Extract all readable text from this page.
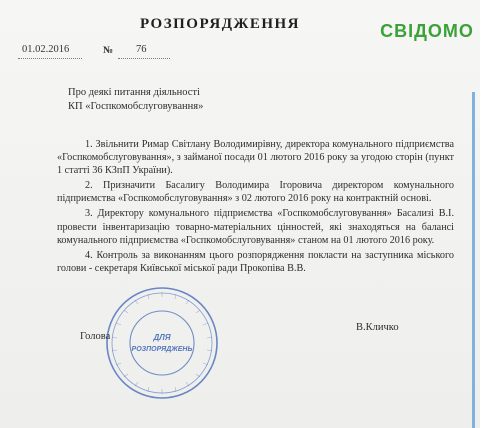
РОЗПОРЯДЖЕННЯ
01.02.2016	№ 76
Про деякі питання діяльності
КП «Госпкомобслуговування»

1. Звільнити Римар Світлану Володимирівну, директора комунального підприємства «Госпкомобслуговування», з займаної посади 01 лютого 2016 року за угодою сторін (пункт 1 статті 36 КЗпП України).

2. Призначити Басалигу Володимира Ігоровича директором комунального підприємства «Госпкомобслуговування» з 02 лютого 2016 року на контрактній основі.

3. Директору комунального підприємства «Госпкомобслуговування» Басализі В.І. провести інвентаризацію товарно-матеріальних цінностей, які знаходяться на балансі комунального підприємства «Госпкомобслуговування» станом на 01 лютого 2016 року.

4. Контроль за виконанням цього розпорядження покласти на заступника міського голови - секретаря Київської міської ради Прокопіва В.В.

ДЛЯ
РОЗПОРЯДЖЕНЬ
Голова
В.Кличко
СВІДОМО
